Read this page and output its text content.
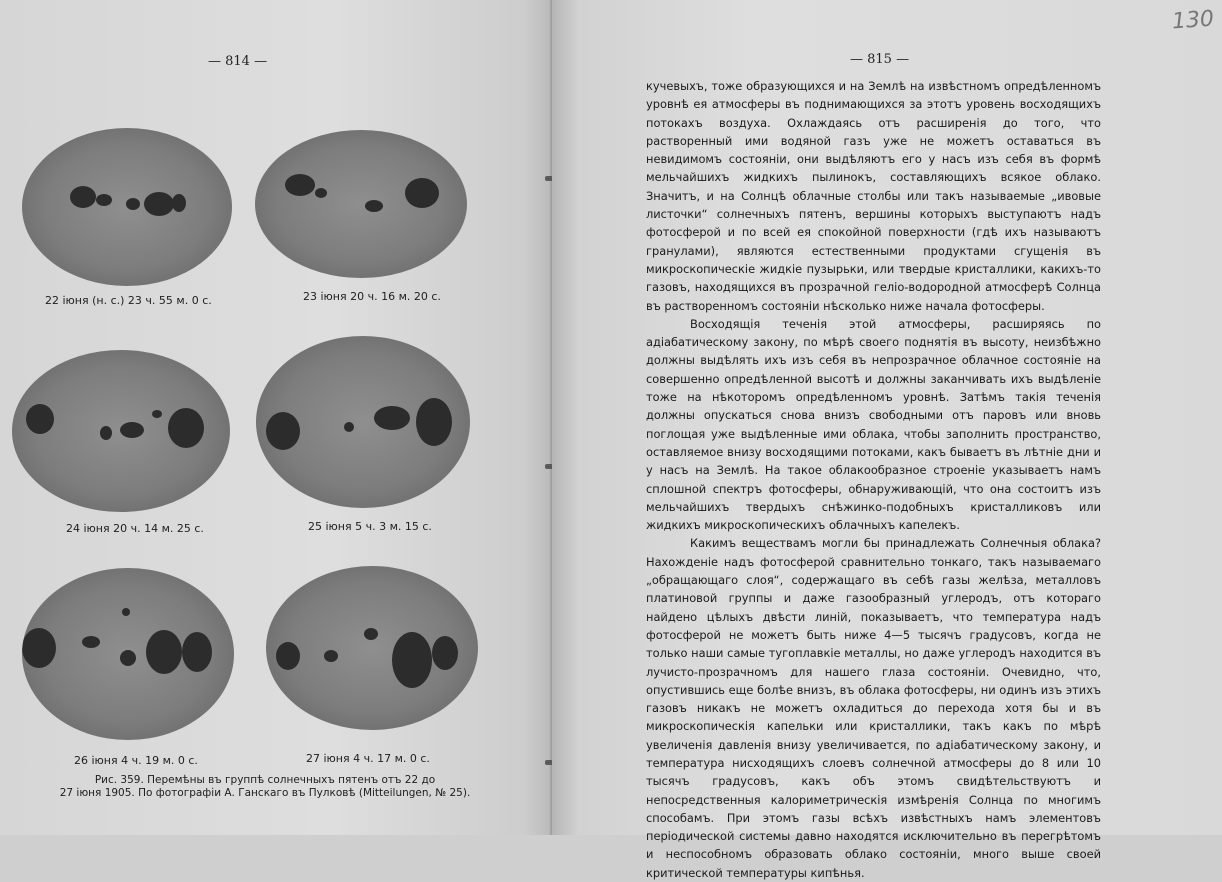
— 814 —
22 іюня (н. с.) 23 ч. 55 м. 0 с.	23 іюня 20 ч. 16 м. 20 с.
24 іюня 20 ч. 14 м. 25 с.	25 іюня 5 ч. 3 м. 15 с.
26 іюня 4 ч. 19 м. 0 с.	27 іюня 4 ч. 17 м. 0 с.
Рис. 359. Перемѣны въ группѣ солнечныхъ пятенъ отъ 22 до
27 іюня 1905. По фотографіи А. Ганскаго въ Пулковѣ (Mitteilungen, № 25).
— 815 —
130

кучевыхъ, тоже образующихся и на Землѣ на извѣстномъ опредѣленномъ уровнѣ ея атмосферы въ поднимающихся за этотъ уровень восходящихъ потокахъ воздуха. Охлаждаясь отъ расширенія до того, что растворенный ими водяной газъ уже не можетъ оставаться въ невидимомъ состояніи, они выдѣляютъ его у насъ изъ себя въ формѣ мельчайшихъ жидкихъ пылинокъ, составляющихъ всякое облако. Значитъ, и на Солнцѣ облачные столбы или такъ называемые „ивовые листочки“ солнечныхъ пятенъ, вершины которыхъ выступаютъ надъ фотосферой и по всей ея спокойной поверхности (гдѣ ихъ называютъ гранулами), являются естественными продуктами сгущенія въ микроскопическіе жидкіе пузырьки, или твердые кристаллики, какихъ-то газовъ, находящихся въ прозрачной геліо-водородной атмосферѣ Солнца въ растворенномъ состояніи нѣсколько ниже начала фотосферы.

Восходящія теченія этой атмосферы, расширяясь по адіабатическому закону, по мѣрѣ своего поднятія въ высоту, неизбѣжно должны выдѣлять ихъ изъ себя въ непрозрачное облачное состояніе на совершенно опредѣленной высотѣ и должны заканчивать ихъ выдѣленіе тоже на нѣкоторомъ опредѣленномъ уровнѣ. Затѣмъ такія теченія должны опускаться снова внизъ свободными отъ паровъ или вновь поглощая уже выдѣленные ими облака, чтобы заполнить пространство, оставляемое внизу восходящими потоками, какъ бываетъ въ лѣтніе дни и у насъ на Землѣ. На такое облакообразное строеніе указываетъ намъ сплошной спектръ фотосферы, обнаруживающій, что она состоитъ изъ мельчайшихъ твердыхъ снѣжинко-подобныхъ кристалликовъ или жидкихъ микроскопическихъ облачныхъ капелекъ.

Какимъ веществамъ могли бы принадлежать Солнечныя облака? Нахожденіе надъ фотосферой сравнительно тонкаго, такъ называемаго „обращающаго слоя“, содержащаго въ себѣ газы желѣза, металловъ платиновой группы и даже газообразный углеродъ, отъ котораго найдено цѣлыхъ двѣсти линій, показываетъ, что температура надъ фотосферой не можетъ быть ниже 4—5 тысячъ градусовъ, когда не только наши самые тугоплавкіе металлы, но даже углеродъ находится въ лучисто-прозрачномъ для нашего глаза состояніи. Очевидно, что, опустившись еще болѣе внизъ, въ облака фотосферы, ни одинъ изъ этихъ газовъ никакъ не можетъ охладиться до перехода хотя бы и въ микроскопическія капельки или кристаллики, такъ какъ по мѣрѣ увеличенія давленія внизу увеличивается, по адіабатическому закону, и температура нисходящихъ слоевъ солнечной атмосферы до 8 или 10 тысячъ градусовъ, какъ объ этомъ свидѣтельствуютъ и непосредственныя калориметрическія измѣренія Солнца по многимъ способамъ. При этомъ газы всѣхъ извѣстныхъ намъ элементовъ періодической системы давно находятся исключительно въ перегрѣтомъ и неспособномъ образовать облако состояніи, много выше своей критической температуры кипѣнья.
